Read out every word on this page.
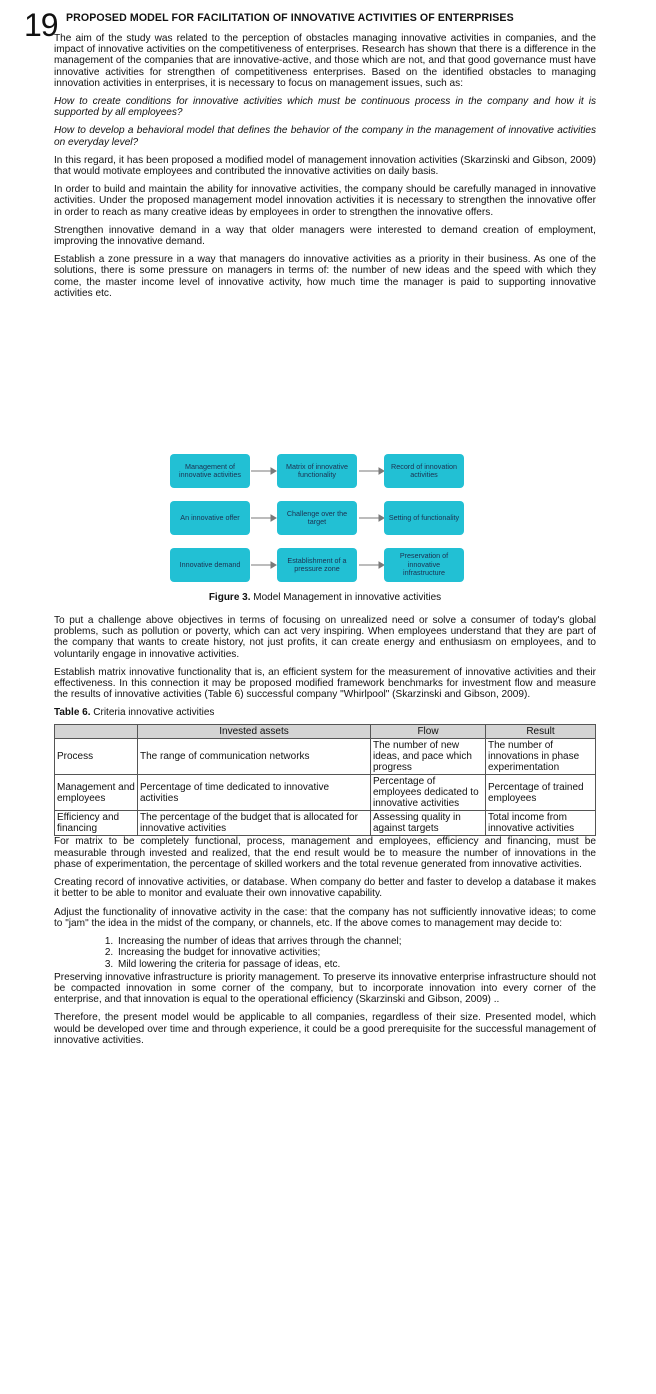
19 PROPOSED MODEL FOR FACILITATION OF INNOVATIVE ACTIVITIES OF ENTERPRISES

The aim of the study was related to the perception of obstacles managing innovative activities in companies, and the impact of innovative activities on the competitiveness of enterprises. Research has shown that there is a difference in the management of the companies that are innovative-active, and those which are not, and that good governance must have innovative activities for strengthen of competitiveness enterprises. Based on the identified obstacles to managing innovation activities in enterprises, it is necessary to focus on management issues, such as:

How to create conditions for innovative activities which must be continuous process in the company and how it is supported by all employees?

How to develop a behavioral model that defines the behavior of the company in the management of innovative activities on everyday level?

In this regard, it has been proposed a modified model of management innovation activities (Skarzinski and Gibson, 2009) that would motivate employees and contributed the innovative activities on daily basis.

In order to build and maintain the ability for innovative activities, the company should be carefully managed in innovative activities. Under the proposed management model innovation activities it is necessary to strengthen the innovative offer in order to reach as many creative ideas by employees in order to strengthen the innovative offers.

Strengthen innovative demand in a way that older managers were interested to demand creation of employment, improving the innovative demand.

Establish a zone pressure in a way that managers do innovative activities as a priority in their business. As one of the solutions, there is some pressure on managers in terms of: the number of new ideas and the speed with which they come, the master income level of innovative activity, how much time the manager is paid to supporting innovative activities etc.

Management of innovative activities
Matrix of innovative functionality
Record of innovation activities
An innovative offer	Challenge over the target	Setting of functionality
Innovative demand	Establishment of a pressure zone
Preservation of innovative infrastructure
Figure 3. Model Management in innovative activities

To put a challenge above objectives in terms of focusing on unrealized need or solve a consumer of today's global problems, such as pollution or poverty, which can act very inspiring. When employees understand that they are part of the company that wants to create history, not just profits, it can create energy and enthusiasm on employees, and to voluntarily engage in innovative activities.

Establish matrix innovative functionality that is, an efficient system for the measurement of innovative activities and their effectiveness. In this connection it may be proposed modified framework benchmarks for investment flow and measure the results of innovative activities (Table 6) successful company "Whirlpool" (Skarzinski and Gibson, 2009).

Table 6. Criteria innovative activities
	Invested assets	Flow	Result
Process	The range of communication networks	The number of new ideas, and pace which progress	The number of innovations in phase experimentation
Management and employees	Percentage of time dedicated to innovative activities	Percentage of employees dedicated to innovative activities	Percentage of trained employees
Efficiency and financing	The percentage of the budget that is allocated for innovative activities	Assessing quality in against targets	Total income from innovative activities

For matrix to be completely functional, process, management and employees, efficiency and financing, must be measurable through invested and realized, that the end result would be to measure the number of innovations in the phase of experimentation, the percentage of skilled workers and the total revenue generated from innovative activities.

Creating record of innovative activities, or database. When company do better and faster to develop a database it makes it better to be able to monitor and evaluate their own innovative capability.

Adjust the functionality of innovative activity in the case: that the company has not sufficiently innovative ideas; to come to "jam" the idea in the midst of the company, or channels, etc. If the above comes to management may decide to:

1. Increasing the number of ideas that arrives through the channel;
2. Increasing the budget for innovative activities;
3. Mild lowering the criteria for passage of ideas, etc.

Preserving innovative infrastructure is priority management. To preserve its innovative enterprise infrastructure should not be compacted innovation in some corner of the company, but to incorporate innovation into every corner of the enterprise, and that innovation is equal to the operational efficiency (Skarzinski and Gibson, 2009) ..

Therefore, the present model would be applicable to all companies, regardless of their size. Presented model, which would be developed over time and through experience, it could be a good prerequisite for the successful management of innovative activities.
